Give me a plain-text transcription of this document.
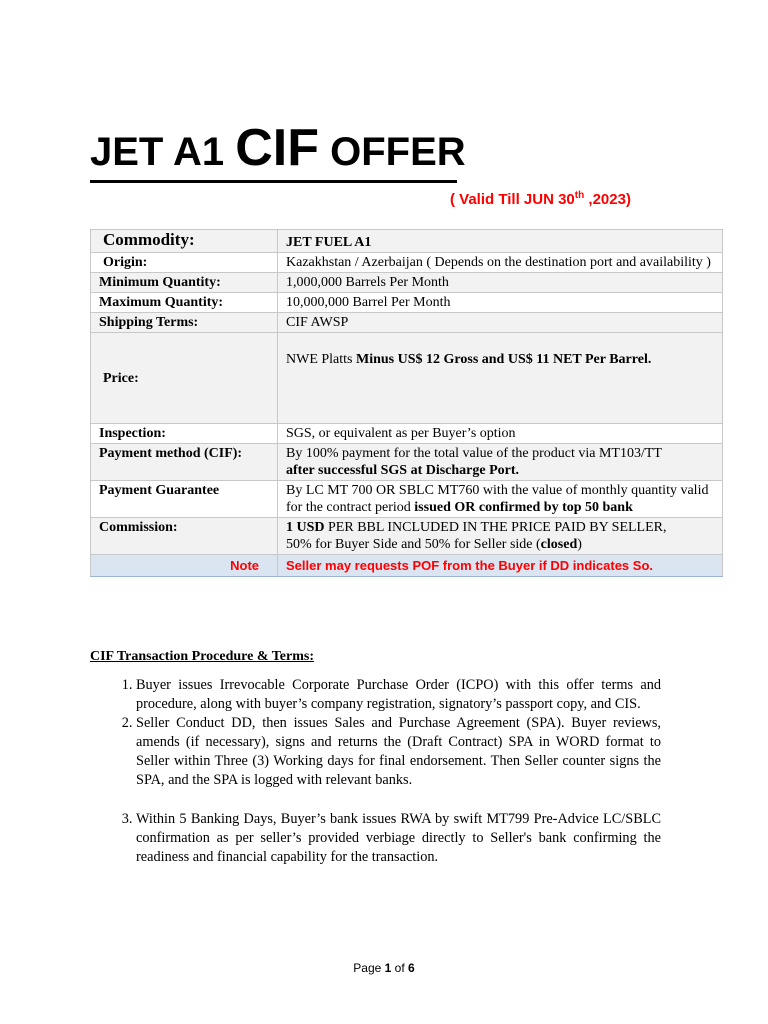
JET A1 CIF OFFER
( Valid Till JUN 30th ,2023)
Commodity:	JET FUEL A1
Origin:	Kazakhstan / Azerbaijan ( Depends on the destination port and availability )
Minimum Quantity:	1,000,000 Barrels Per Month
Maximum Quantity:	10,000,000 Barrel Per Month
Shipping Terms:	CIF AWSP
Price:	NWE Platts Minus US$ 12 Gross and US$ 11 NET Per Barrel.
Inspection:	SGS, or equivalent as per Buyer’s option
Payment method (CIF):	By 100% payment for the total value of the product via MT103/TT
after successful SGS at Discharge Port.
Payment Guarantee	By LC MT 700 OR SBLC MT760 with the value of monthly quantity valid for the contract period issued OR confirmed by top 50 bank
Commission:	1 USD PER BBL INCLUDED IN THE PRICE PAID BY SELLER,
50% for Buyer Side and 50% for Seller side (closed)
Note	Seller may requests POF from the Buyer if DD indicates So.
CIF Transaction Procedure & Terms:
1. Buyer issues Irrevocable Corporate Purchase Order (ICPO) with this offer terms and procedure, along with buyer’s company registration, signatory’s passport copy, and CIS.
2. Seller Conduct DD, then issues Sales and Purchase Agreement (SPA). Buyer reviews, amends (if necessary), signs and returns the (Draft Contract) SPA in WORD format to Seller within Three (3) Working days for final endorsement. Then Seller counter signs the SPA, and the SPA is logged with relevant banks.
3. Within 5 Banking Days, Buyer’s bank issues RWA by swift MT799 Pre-Advice LC/SBLC confirmation as per seller’s provided verbiage directly to Seller's bank confirming the readiness and financial capability for the transaction.
Page 1 of 6
